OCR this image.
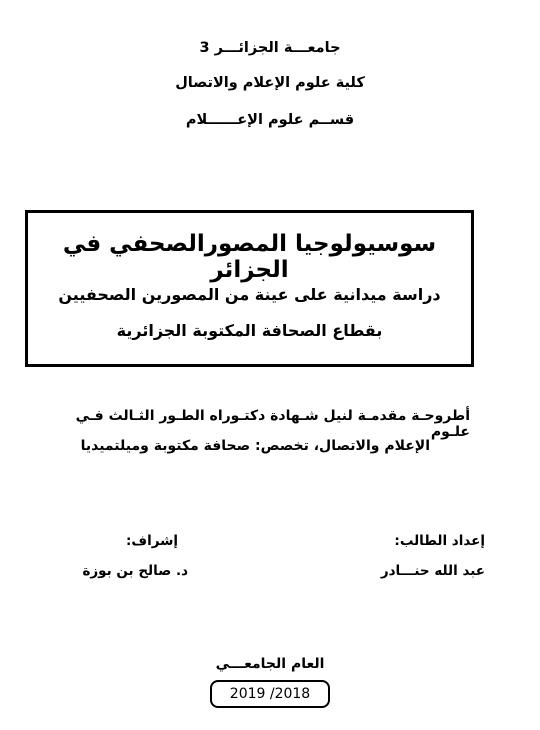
جامعـــة الجزائـــر 3
كلية علوم الإعلام والاتصال
قســم علوم الإعــــــلام
سوسيولوجيا المصورالصحفي في الجزائر
دراسة ميدانية على عينة من المصورين الصحفيين
بقطاع الصحافة المكتوبة الجزائرية
أطروحـة مقدمـة لنيل شـهادة دكتـوراه الطـور الثـالث فـي علـوم
الإعلام والاتصال، تخصص: صحافة مكتوبة وميلتميديا
إعداد الطالب:
عبد الله حنـــادر
إشراف:
د. صالح بن بوزة
العام الجامعـــي
2019 /2018
